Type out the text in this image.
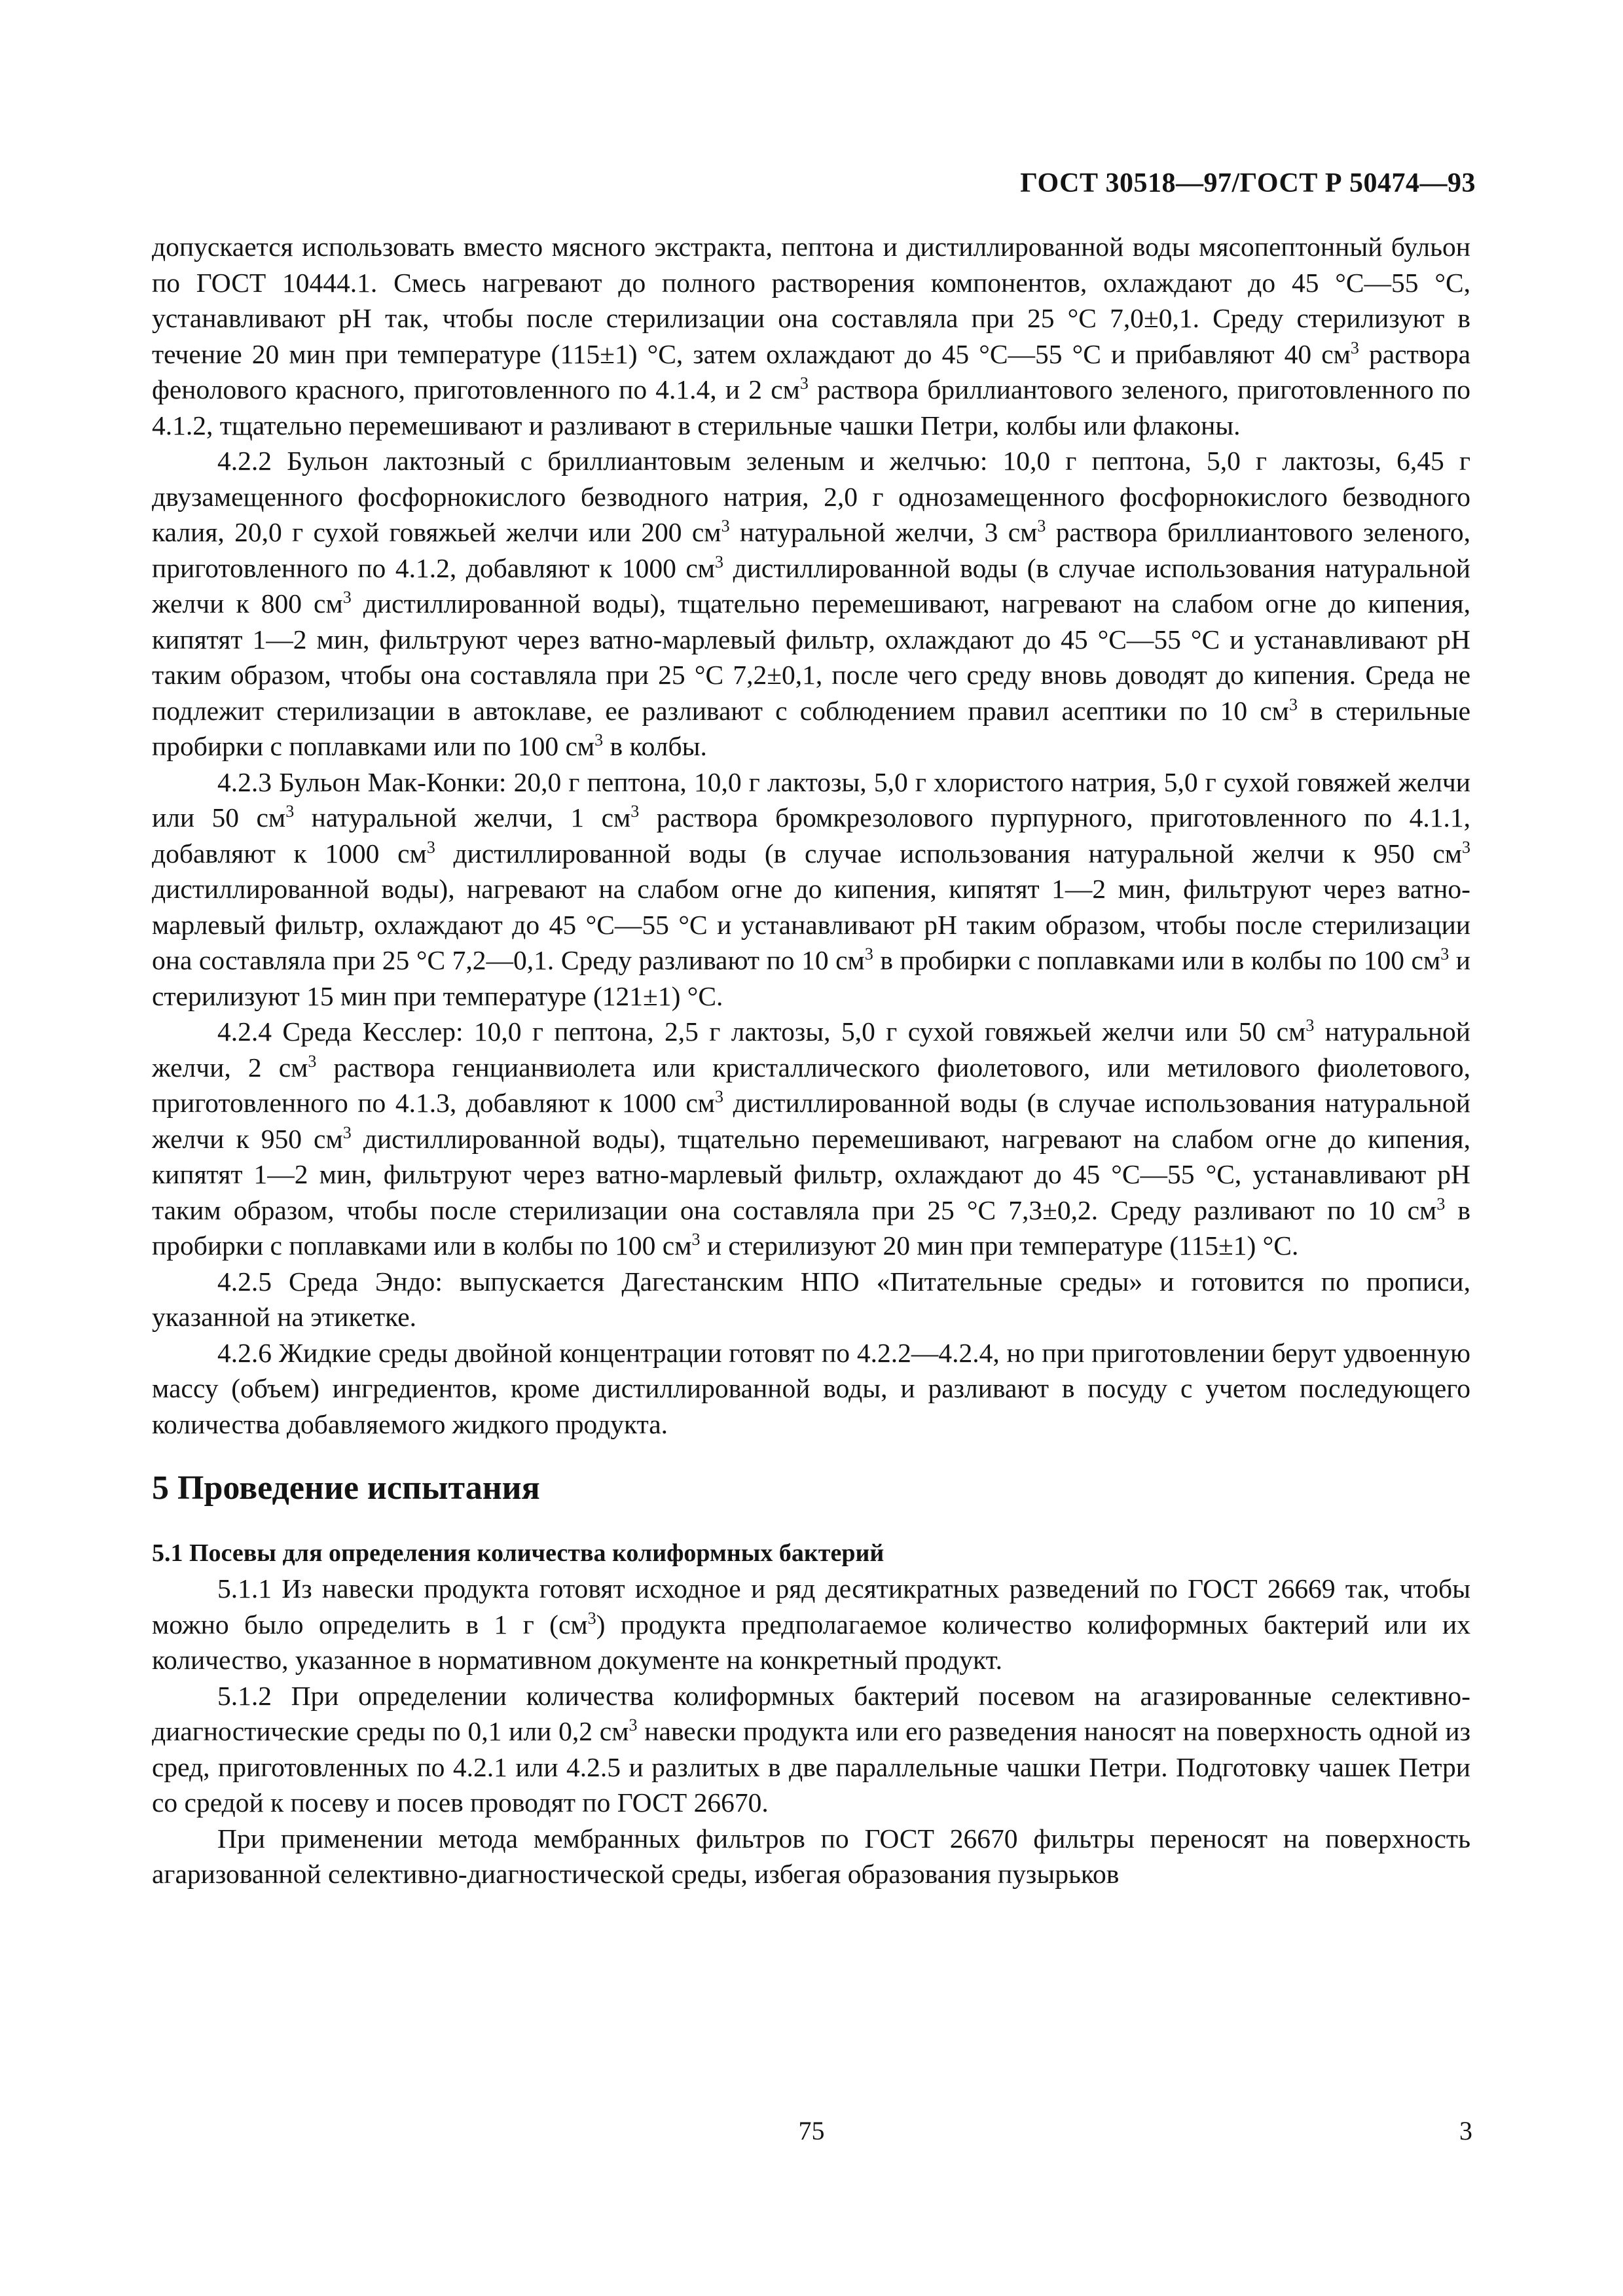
ГОСТ 30518—97/ГОСТ Р 50474—93

допускается использовать вместо мясного экстракта, пептона и дистиллированной воды мясопептонный бульон по ГОСТ 10444.1. Смесь нагревают до полного растворения компонентов, охлаждают до 45 °С—55 °С, устанавливают рН так, чтобы после стерилизации она составляла при 25 °С 7,0±0,1. Среду стерилизуют в течение 20 мин при температуре (115±1) °С, затем охлаждают до 45 °С—55 °С и прибавляют 40 $см^3$ раствора фенолового красного, приготовленного по 4.1.4, и 2 $см^3$ раствора бриллиантового зеленого, приготовленного по 4.1.2, тщательно перемешивают и разливают в стерильные чашки Петри, колбы или флаконы.

4.2.2 Бульон лактозный с бриллиантовым зеленым и желчью: 10,0 г пептона, 5,0 г лактозы, 6,45 г двузамещенного фосфорнокислого безводного натрия, 2,0 г однозамещенного фосфорнокислого безводного калия, 20,0 г сухой говяжьей желчи или 200 $см^3$ натуральной желчи, 3 $см^3$ раствора бриллиантового зеленого, приготовленного по 4.1.2, добавляют к 1000 $см^3$ дистиллированной воды (в случае использования натуральной желчи к 800 $см^3$ дистиллированной воды), тщательно перемешивают, нагревают на слабом огне до кипения, кипятят 1—2 мин, фильтруют через ватно-марлевый фильтр, охлаждают до 45 °С—55 °С и устанавливают рН таким образом, чтобы она составляла при 25 °С 7,2±0,1, после чего среду вновь доводят до кипения. Среда не подлежит стерилизации в автоклаве, ее разливают с соблюдением правил асептики по 10 $см^3$ в стерильные пробирки с поплавками или по 100 $см^3$ в колбы.

4.2.3 Бульон Мак-Конки: 20,0 г пептона, 10,0 г лактозы, 5,0 г хлористого натрия, 5,0 г сухой говяжей желчи или 50 $см^3$ натуральной желчи, 1 $см^3$ раствора бромкрезолового пурпурного, приготовленного по 4.1.1, добавляют к 1000 $см^3$ дистиллированной воды (в случае использования натуральной желчи к 950 $см^3$ дистиллированной воды), нагревают на слабом огне до кипения, кипятят 1—2 мин, фильтруют через ватно-марлевый фильтр, охлаждают до 45 °С—55 °С и устанавливают рН таким образом, чтобы после стерилизации она составляла при 25 °С 7,2—0,1. Среду разливают по 10 $см^3$ в пробирки с поплавками или в колбы по 100 $см^3$ и стерилизуют 15 мин при температуре (121±1) °С.

4.2.4 Среда Кесслер: 10,0 г пептона, 2,5 г лактозы, 5,0 г сухой говяжьей желчи или 50 $см^3$ натуральной желчи, 2 $см^3$ раствора генцианвиолета или кристаллического фиолетового, или метилового фиолетового, приготовленного по 4.1.3, добавляют к 1000 $см^3$ дистиллированной воды (в случае использования натуральной желчи к 950 $см^3$ дистиллированной воды), тщательно перемешивают, нагревают на слабом огне до кипения, кипятят 1—2 мин, фильтруют через ватно-марлевый фильтр, охлаждают до 45 °С—55 °С, устанавливают рН таким образом, чтобы после стерилизации она составляла при 25 °С 7,3±0,2. Среду разливают по 10 $см^3$ в пробирки с поплавками или в колбы по 100 $см^3$ и стерилизуют 20 мин при температуре (115±1) °С.

4.2.5 Среда Эндо: выпускается Дагестанским НПО «Питательные среды» и готовится по прописи, указанной на этикетке.

4.2.6 Жидкие среды двойной концентрации готовят по 4.2.2—4.2.4, но при приготовлении берут удвоенную массу (объем) ингредиентов, кроме дистиллированной воды, и разливают в посуду с учетом последующего количества добавляемого жидкого продукта.

5 Проведение испытания

5.1 Посевы для определения количества колиформных бактерий

5.1.1 Из навески продукта готовят исходное и ряд десятикратных разведений по ГОСТ 26669 так, чтобы можно было определить в 1 г $(см^3)$ продукта предполагаемое количество колиформных бактерий или их количество, указанное в нормативном документе на конкретный продукт.

5.1.2 При определении количества колиформных бактерий посевом на агазированные селективно-диагностические среды по 0,1 или 0,2 $см^3$ навески продукта или его разведения наносят на поверхность одной из сред, приготовленных по 4.2.1 или 4.2.5 и разлитых в две параллельные чашки Петри. Подготовку чашек Петри со средой к посеву и посев проводят по ГОСТ 26670.

При применении метода мембранных фильтров по ГОСТ 26670 фильтры переносят на поверхность агаризованной селективно-диагностической среды, избегая образования пузырьков

75	3
